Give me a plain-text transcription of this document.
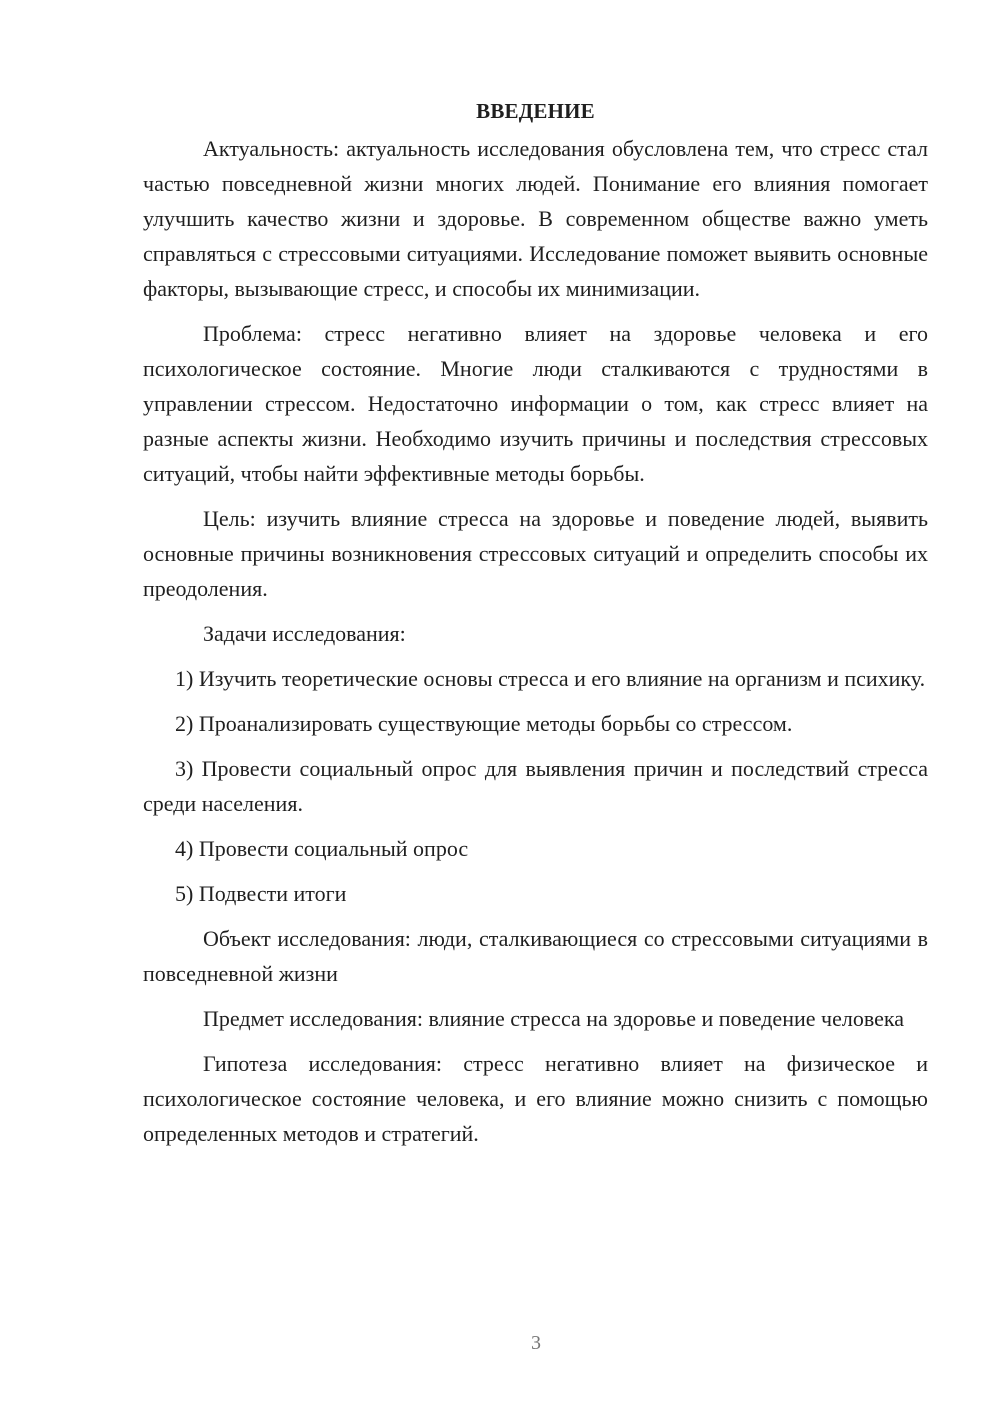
ВВЕДЕНИЕ

Актуальность: актуальность исследования обусловлена тем, что стресс стал частью повседневной жизни многих людей. Понимание его влияния помогает улучшить качество жизни и здоровье. В современном обществе важно уметь справляться с стрессовыми ситуациями. Исследование поможет выявить основные факторы, вызывающие стресс, и способы их минимизации.

Проблема: стресс негативно влияет на здоровье человека и его психологическое состояние. Многие люди сталкиваются с трудностями в управлении стрессом. Недостаточно информации о том, как стресс влияет на разные аспекты жизни. Необходимо изучить причины и последствия стрессовых ситуаций, чтобы найти эффективные методы борьбы.

Цель: изучить влияние стресса на здоровье и поведение людей, выявить основные причины возникновения стрессовых ситуаций и определить способы их преодоления.

Задачи исследования:

1) Изучить теоретические основы стресса и его влияние на организм и психику.

2) Проанализировать существующие методы борьбы со стрессом.

3) Провести социальный опрос для выявления причин и последствий стресса среди населения.

4) Провести социальный опрос

5) Подвести итоги

Объект исследования: люди, сталкивающиеся со стрессовыми ситуациями в повседневной жизни

Предмет исследования: влияние стресса на здоровье и поведение человека

Гипотеза исследования: стресс негативно влияет на физическое и психологическое состояние человека, и его влияние можно снизить с помощью определенных методов и стратегий.

3
